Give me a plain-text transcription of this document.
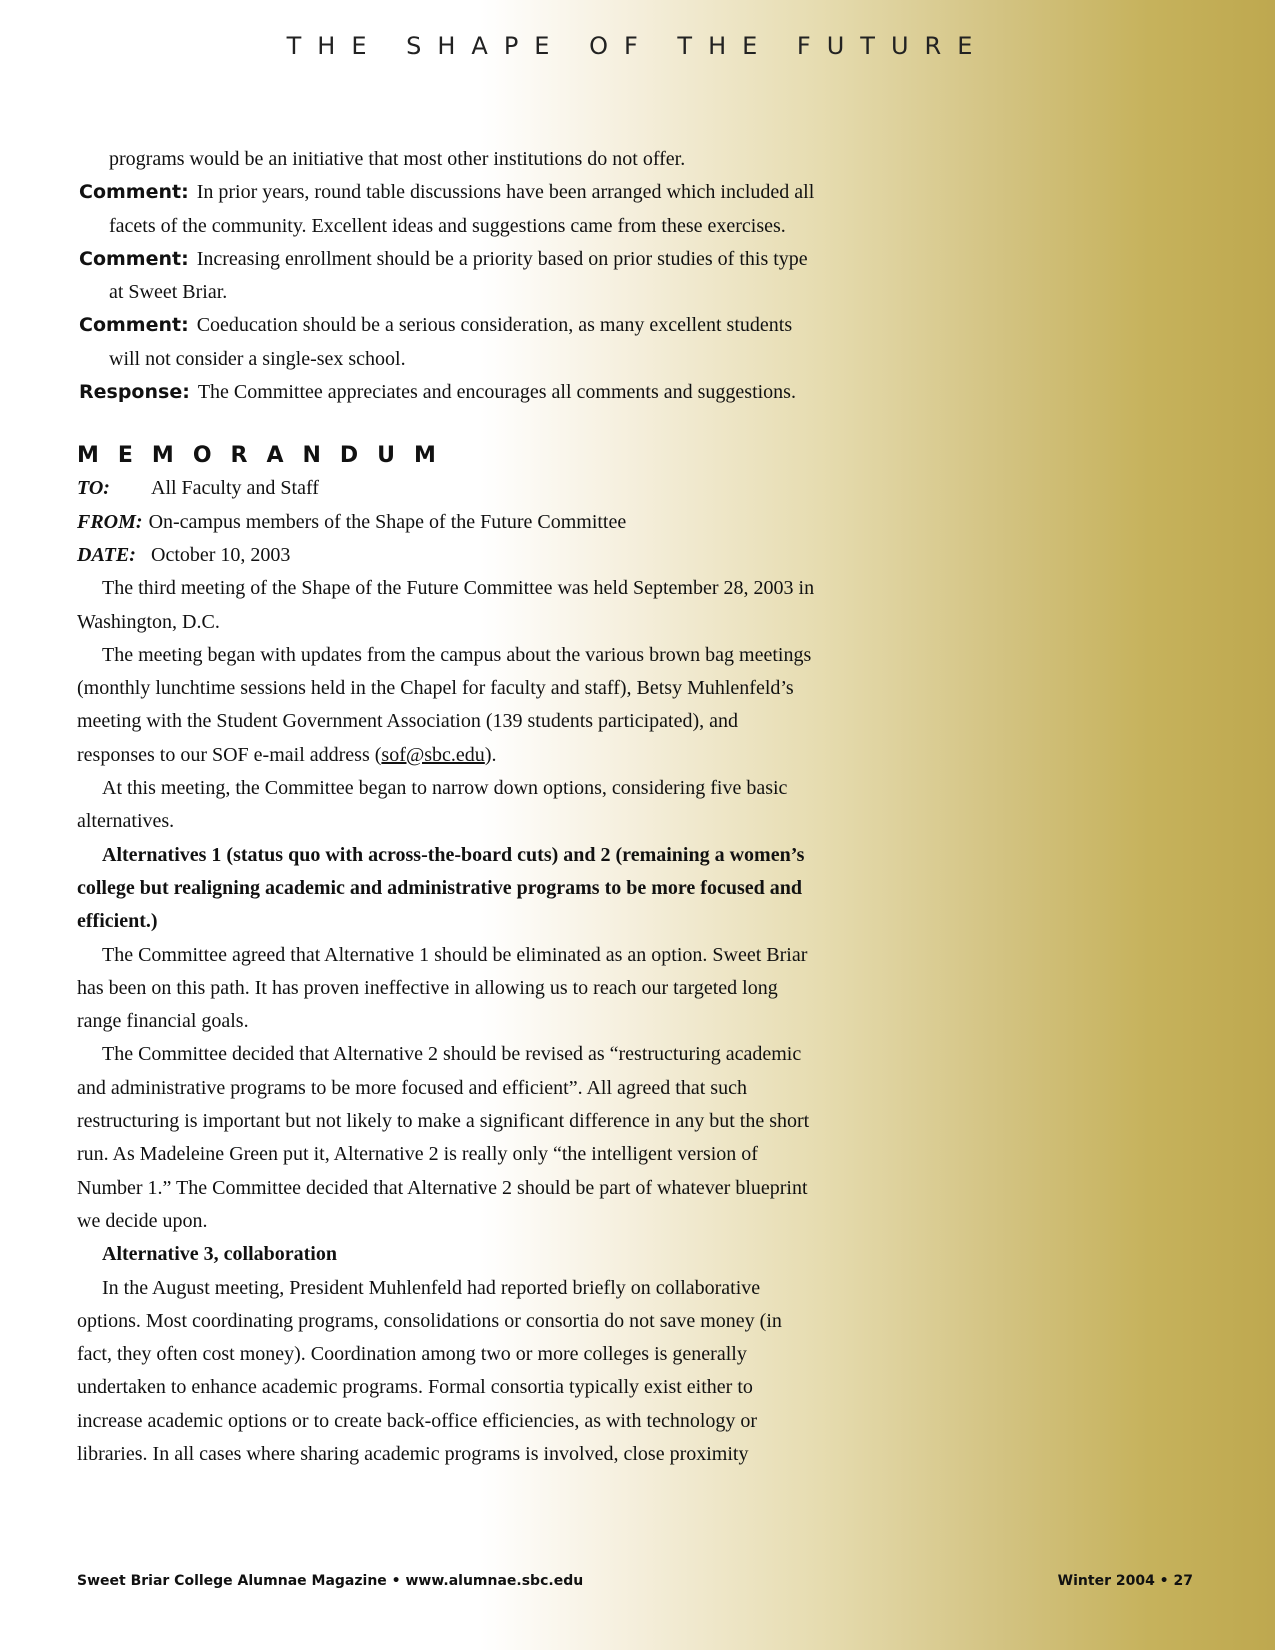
THE SHAPE OF THE FUTURE

programs would be an initiative that most other institutions do not offer.

Comment: In prior years, round table discussions have been arranged which included all facets of the community. Excellent ideas and suggestions came from these exercises.

Comment: Increasing enrollment should be a priority based on prior studies of this type at Sweet Briar.

Comment: Coeducation should be a serious consideration, as many excellent students will not consider a single-sex school.

Response: The Committee appreciates and encourages all comments and suggestions.

MEMORANDUM

TO: All Faculty and Staff

FROM: On-campus members of the Shape of the Future Committee

DATE: October 10, 2003

The third meeting of the Shape of the Future Committee was held September 28, 2003 in Washington, D.C.

The meeting began with updates from the campus about the various brown bag meetings (monthly lunchtime sessions held in the Chapel for faculty and staff), Betsy Muhlenfeld’s meeting with the Student Government Association (139 students participated), and responses to our SOF e-mail address (sof@sbc.edu).

At this meeting, the Committee began to narrow down options, considering five basic alternatives.

Alternatives 1 (status quo with across-the-board cuts) and 2 (remaining a women’s college but realigning academic and administrative programs to be more focused and efficient.)

The Committee agreed that Alternative 1 should be eliminated as an option. Sweet Briar has been on this path. It has proven ineffective in allowing us to reach our targeted long range financial goals.

The Committee decided that Alternative 2 should be revised as “restructuring academic and administrative programs to be more focused and efficient”. All agreed that such restructuring is important but not likely to make a significant difference in any but the short run. As Madeleine Green put it, Alternative 2 is really only “the intelligent version of Number 1.” The Committee decided that Alternative 2 should be part of whatever blueprint we decide upon.

Alternative 3, collaboration

In the August meeting, President Muhlenfeld had reported briefly on collaborative options. Most coordinating programs, consolidations or consortia do not save money (in fact, they often cost money). Coordination among two or more colleges is generally undertaken to enhance academic programs. Formal consortia typically exist either to increase academic options or to create back-office efficiencies, as with technology or libraries. In all cases where sharing academic programs is involved, close proximity

Sweet Briar College Alumnae Magazine • www.alumnae.sbc.edu	Winter 2004 • 27
